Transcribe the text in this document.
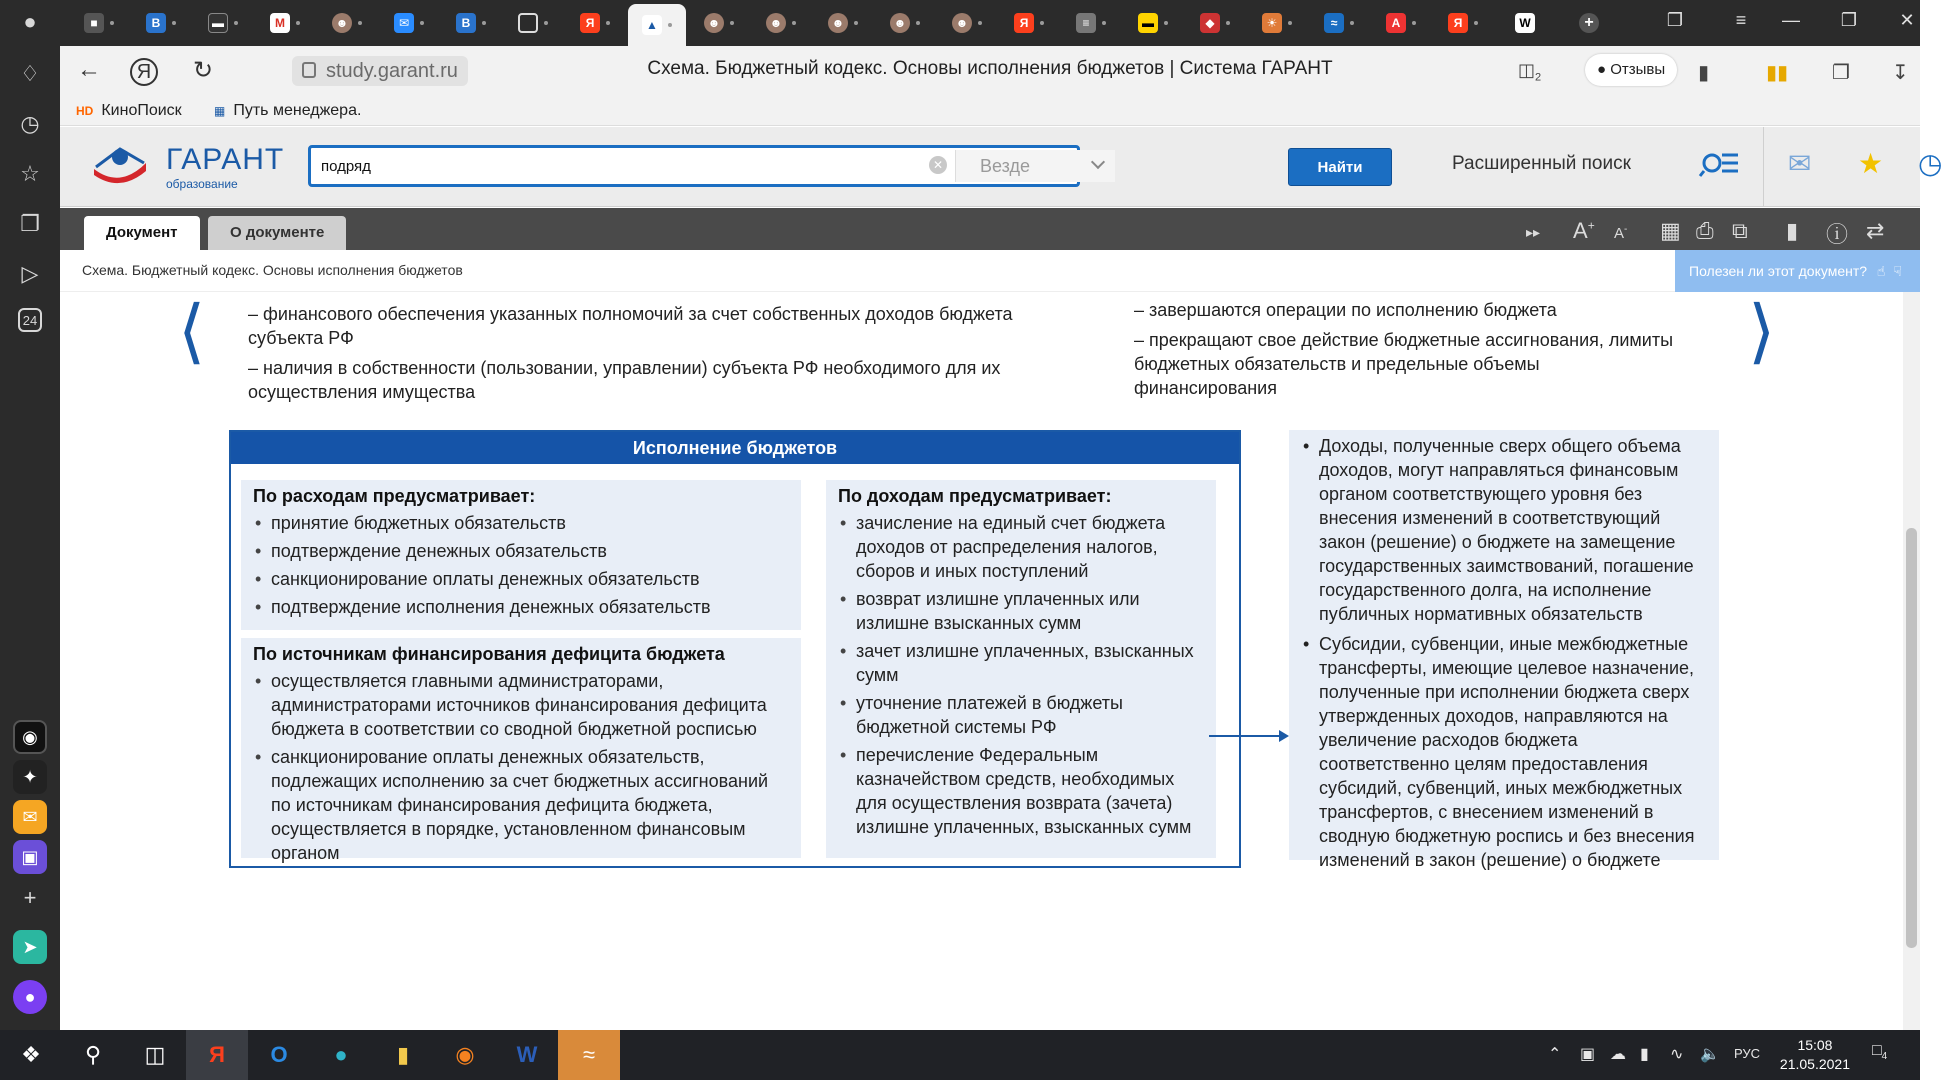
●
♢
◷
☆
❐
▷
24
◉
✦
✉
▣
+
➤
●
■	В	▬	M	☻	✉	В	Я	▲	☻	☻	☻	☻	☻	Я	≡	▬	◆	☀	≈	A	Я	W	+	❐	≡	—	❐	✕
←	Я ↻	study.garant.ru	Схема. Бюджетный кодекс. Основы исполнения бюджетов | Система ГАРАНТ	$◫_2$	● Отзывы	▮	▮▮ ❐ ↧
HD КиноПоиск	▦ Путь менеджера.
ГАРАНТ
образование
подряд
✕ Везде	Найти	Расширенный поиск	✉ ★ ◷
Документ	О документе	▸▸ A+ A- ▦ ⎙ ⧉ ▮ ⓘ ⇄
Схема. Бюджетный кодекс. Основы исполнения бюджетов	Полезен ли этот документ? ☝ ☟
⟨	⟩
– финансового обеспечения указанных полномочий за счет собственных доходов бюджета
субъекта РФ
– наличия в собственности (пользовании, управлении) субъекта РФ необходимого для их
осуществления имущества
– завершаются операции по исполнению бюджета
– прекращают свое действие бюджетные ассигнования, лимиты
бюджетных обязательств и предельные объемы
финансирования
Исполнение бюджетов
По расходам предусматривает:
• принятие бюджетных обязательств
• подтверждение денежных обязательств
• санкционирование оплаты денежных обязательств
• подтверждение исполнения денежных обязательств
По источникам финансирования дефицита бюджета
• осуществляется главными администраторами, администраторами источников финансирования дефицита бюджета в соответствии со сводной бюджетной росписью
• санкционирование оплаты денежных обязательств, подлежащих исполнению за счет бюджетных ассигнований по источникам финансирования дефицита бюджета, осуществляется в порядке, установленном финансовым органом
По доходам предусматривает:
• зачисление на единый счет бюджета доходов от распределения налогов, сборов и иных поступлений
• возврат излишне уплаченных или излишне взысканных сумм
• зачет излишне уплаченных, взысканных сумм
• уточнение платежей в бюджеты бюджетной системы РФ
• перечисление Федеральным казначейством средств, необходимых для осуществления возврата (зачета) излишне уплаченных, взысканных сумм
• Доходы, полученные сверх общего объема доходов, могут направляться финансовым органом соответствующего уровня без внесения изменений в соответствующий закон (решение) о бюджете на замещение государственных заимствований, погашение государственного долга, на исполнение публичных нормативных обязательств
• Субсидии, субвенции, иные межбюджетные трансферты, имеющие целевое назначение, полученные при исполнении бюджета сверх утвержденных доходов, направляются на увеличение расходов бюджета соответственно целям предоставления субсидий, субвенций, иных межбюджетных трансфертов, с внесением изменений в сводную бюджетную роспись и без внесения изменений в закон (решение) о бюджете
❖	⚲	◫	Я O ● ▮ ◉ W ≈	⌃ ▣ ☁ ▮ ∿ 🔈 РУС
15:08
21.05.2021
$□_4$
